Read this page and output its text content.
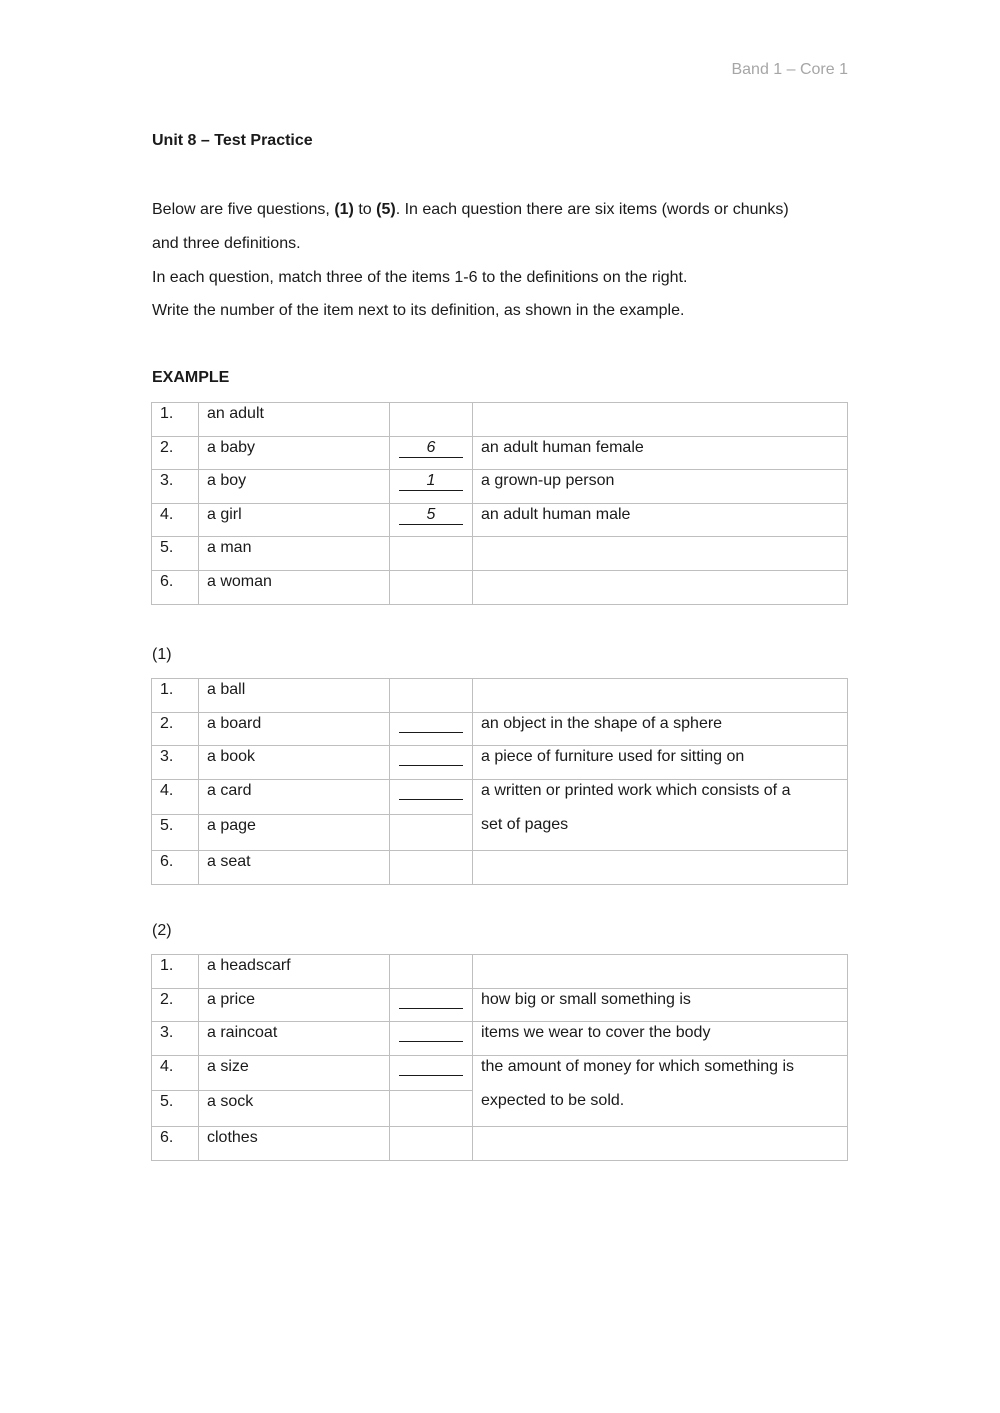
Band 1 – Core 1
Unit 8 – Test Practice
Below are five questions, (1) to (5). In each question there are six items (words or chunks)
and three definitions.
In each question, match three of the items 1-6 to the definitions on the right.
Write the number of the item next to its definition, as shown in the example.
EXAMPLE
1.	an adult		
2.	a baby	6	an adult human female
3.	a boy	1	a grown-up person
4.	a girl	5	an adult human male
5.	a man		
6.	a woman		
(1)
1.	a ball		
2.	a board		an object in the shape of a sphere
3.	a book		a piece of furniture used for sitting on
4.	a card		a written or printed work which consists of a
set of pages

5.	a page		
6.	a seat		
(2)
1.	a headscarf		
2.	a price		how big or small something is
3.	a raincoat		items we wear to cover the body
4.	a size		the amount of money for which something is
expected to be sold.

5.	a sock		
6.	clothes		
